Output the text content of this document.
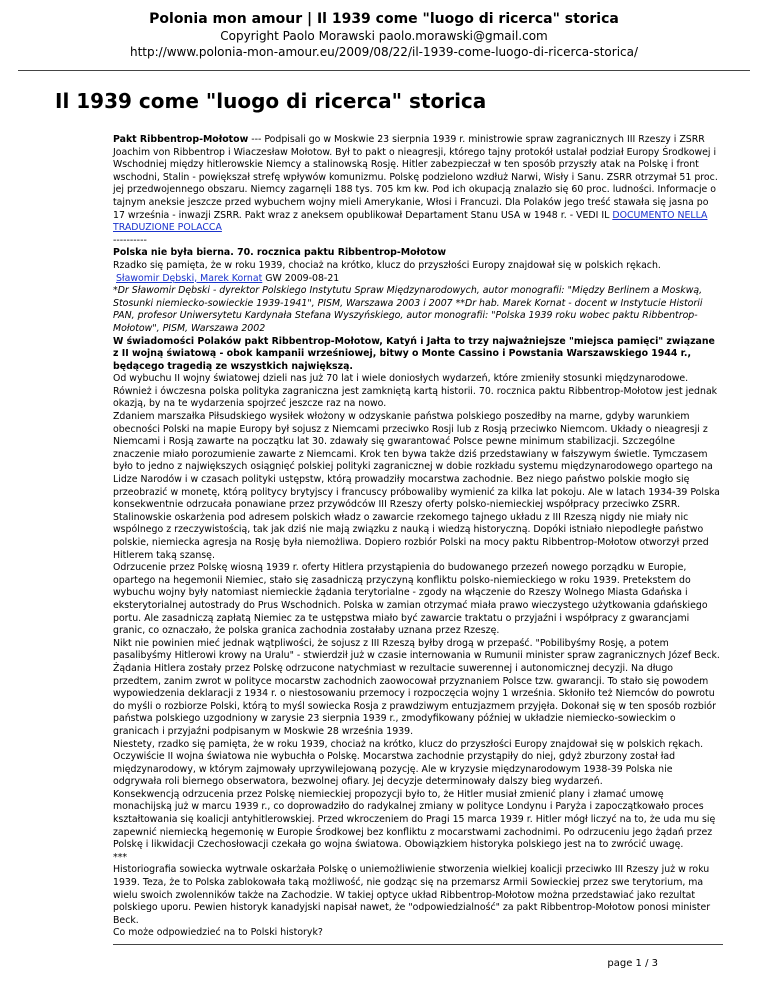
Polonia mon amour | Il 1939 come "luogo di ricerca" storica
Copyright Paolo Morawski paolo.morawski@gmail.com
http://www.polonia-mon-amour.eu/2009/08/22/il-1939-come-luogo-di-ricerca-storica/
Il 1939 come "luogo di ricerca" storica

Pakt Ribbentrop-Mołotow --- Podpisali go w Moskwie 23 sierpnia 1939 r. ministrowie spraw zagranicznych III Rzeszy i ZSRR Joachim von Ribbentrop i Wiaczesław Mołotow. Był to pakt o nieagresji, którego tajny protokół ustalał podział Europy Środkowej i Wschodniej między hitlerowskie Niemcy a stalinowską Rosję. Hitler zabezpieczał w ten sposób przyszły atak na Polskę i front wschodni, Stalin - powiększał strefę wpływów komunizmu. Polskę podzielono wzdłuż Narwi, Wisły i Sanu. ZSRR otrzymał 51 proc. jej przedwojennego obszaru. Niemcy zagarnęli 188 tys. 705 km kw. Pod ich okupacją znalazło się 60 proc. ludności. Informacje o tajnym aneksie jeszcze przed wybuchem wojny mieli Amerykanie, Włosi i Francuzi. Dla Polaków jego treść stawała się jasna po 17 września - inwazji ZSRR. Pakt wraz z aneksem opublikował Departament Stanu USA w 1948 r. - VEDI IL DOCUMENTO NELLA TRADUZIONE POLACCA

----------

Polska nie była bierna. 70. rocznica paktu Ribbentrop-Mołotow

Rzadko się pamięta, że w roku 1939, chociaż na krótko, klucz do przyszłości Europy znajdował się w polskich rękach.

Sławomir Dębski, Marek Kornat GW 2009-08-21

*Dr Sławomir Dębski - dyrektor Polskiego Instytutu Spraw Międzynarodowych, autor monografii: "Między Berlinem a Moskwą, Stosunki niemiecko-sowieckie 1939-1941", PISM, Warszawa 2003 i 2007 **Dr hab. Marek Kornat - docent w Instytucie Historii PAN, profesor Uniwersytetu Kardynała Stefana Wyszyńskiego, autor monografii: "Polska 1939 roku wobec paktu Ribbentrop-Mołotow", PISM, Warszawa 2002

W świadomości Polaków pakt Ribbentrop-Mołotow, Katyń i Jałta to trzy najważniejsze "miejsca pamięci" związane z II wojną światową - obok kampanii wrześniowej, bitwy o Monte Cassino i Powstania Warszawskiego 1944 r., będącego tragedią ze wszystkich największą.

Od wybuchu II wojny światowej dzieli nas już 70 lat i wiele doniosłych wydarzeń, które zmieniły stosunki międzynarodowe. Również i ówczesna polska polityka zagraniczna jest zamkniętą kartą historii. 70. rocznica paktu Ribbentrop-Mołotow jest jednak okazją, by na te wydarzenia spojrzeć jeszcze raz na nowo.

Zdaniem marszałka Piłsudskiego wysiłek włożony w odzyskanie państwa polskiego poszedłby na marne, gdyby warunkiem obecności Polski na mapie Europy był sojusz z Niemcami przeciwko Rosji lub z Rosją przeciwko Niemcom. Układy o nieagresji z Niemcami i Rosją zawarte na początku lat 30. zdawały się gwarantować Polsce pewne minimum stabilizacji. Szczególne znaczenie miało porozumienie zawarte z Niemcami. Krok ten bywa także dziś przedstawiany w fałszywym świetle. Tymczasem było to jedno z największych osiągnięć polskiej polityki zagranicznej w dobie rozkładu systemu międzynarodowego opartego na Lidze Narodów i w czasach polityki ustępstw, którą prowadziły mocarstwa zachodnie. Bez niego państwo polskie mogło się przeobrazić w monetę, którą politycy brytyjscy i francuscy próbowaliby wymienić za kilka lat pokoju. Ale w latach 1934-39 Polska konsekwentnie odrzucała ponawiane przez przywódców III Rzeszy oferty polsko-niemieckiej współpracy przeciwko ZSRR. Stalinowskie oskarżenia pod adresem polskich władz o zawarcie rzekomego tajnego układu z III Rzeszą nigdy nie miały nic wspólnego z rzeczywistością, tak jak dziś nie mają związku z nauką i wiedzą historyczną. Dopóki istniało niepodległe państwo polskie, niemiecka agresja na Rosję była niemożliwa. Dopiero rozbiór Polski na mocy paktu Ribbentrop-Mołotow otworzył przed Hitlerem taką szansę.

Odrzucenie przez Polskę wiosną 1939 r. oferty Hitlera przystąpienia do budowanego przezeń nowego porządku w Europie, opartego na hegemonii Niemiec, stało się zasadniczą przyczyną konfliktu polsko-niemieckiego w roku 1939. Pretekstem do wybuchu wojny były natomiast niemieckie żądania terytorialne - zgody na włączenie do Rzeszy Wolnego Miasta Gdańska i eksterytorialnej autostrady do Prus Wschodnich. Polska w zamian otrzymać miała prawo wieczystego użytkowania gdańskiego portu. Ale zasadniczą zapłatą Niemiec za te ustępstwa miało być zawarcie traktatu o przyjaźni i współpracy z gwarancjami granic, co oznaczało, że polska granica zachodnia zostałaby uznana przez Rzeszę.

Nikt nie powinien mieć jednak wątpliwości, że sojusz z III Rzeszą byłby drogą w przepaść. "Pobilibyśmy Rosję, a potem pasalibyśmy Hitlerowi krowy na Uralu" - stwierdził już w czasie internowania w Rumunii minister spraw zagranicznych Józef Beck. Żądania Hitlera zostały przez Polskę odrzucone natychmiast w rezultacie suwerennej i autonomicznej decyzji. Na długo przedtem, zanim zwrot w polityce mocarstw zachodnich zaowocował przyznaniem Polsce tzw. gwarancji. To stało się powodem wypowiedzenia deklaracji z 1934 r. o niestosowaniu przemocy i rozpoczęcia wojny 1 września. Skłoniło też Niemców do powrotu do myśli o rozbiorze Polski, którą to myśl sowiecka Rosja z prawdziwym entuzjazmem przyjęła. Dokonał się w ten sposób rozbiór państwa polskiego uzgodniony w zarysie 23 sierpnia 1939 r., zmodyfikowany później w układzie niemiecko-sowieckim o granicach i przyjaźni podpisanym w Moskwie 28 września 1939.

Niestety, rzadko się pamięta, że w roku 1939, chociaż na krótko, klucz do przyszłości Europy znajdował się w polskich rękach. Oczywiście II wojna światowa nie wybuchła o Polskę. Mocarstwa zachodnie przystąpiły do niej, gdyż zburzony został ład międzynarodowy, w którym zajmowały uprzywilejowaną pozycję. Ale w kryzysie międzynarodowym 1938-39 Polska nie odgrywała roli biernego obserwatora, bezwolnej ofiary. Jej decyzje determinowały dalszy bieg wydarzeń.

Konsekwencją odrzucenia przez Polskę niemieckiej propozycji było to, że Hitler musiał zmienić plany i złamać umowę monachijską już w marcu 1939 r., co doprowadziło do radykalnej zmiany w polityce Londynu i Paryża i zapoczątkowało proces kształtowania się koalicji antyhitlerowskiej. Przed wkroczeniem do Pragi 15 marca 1939 r. Hitler mógł liczyć na to, że uda mu się zapewnić niemiecką hegemonię w Europie Środkowej bez konfliktu z mocarstwami zachodnimi. Po odrzuceniu jego żądań przez Polskę i likwidacji Czechosłowacji czekała go wojna światowa. Obowiązkiem historyka polskiego jest na to zwrócić uwagę.

***

Historiografia sowiecka wytrwale oskarżała Polskę o uniemożliwienie stworzenia wielkiej koalicji przeciwko III Rzeszy już w roku 1939. Teza, że to Polska zablokowała taką możliwość, nie godząc się na przemarsz Armii Sowieckiej przez swe terytorium, ma wielu swoich zwolenników także na Zachodzie. W takiej optyce układ Ribbentrop-Mołotow można przedstawiać jako rezultat polskiego uporu. Pewien historyk kanadyjski napisał nawet, że "odpowiedzialność" za pakt Ribbentrop-Mołotow ponosi minister Beck.

Co może odpowiedzieć na to Polski historyk?

page 1 / 3
